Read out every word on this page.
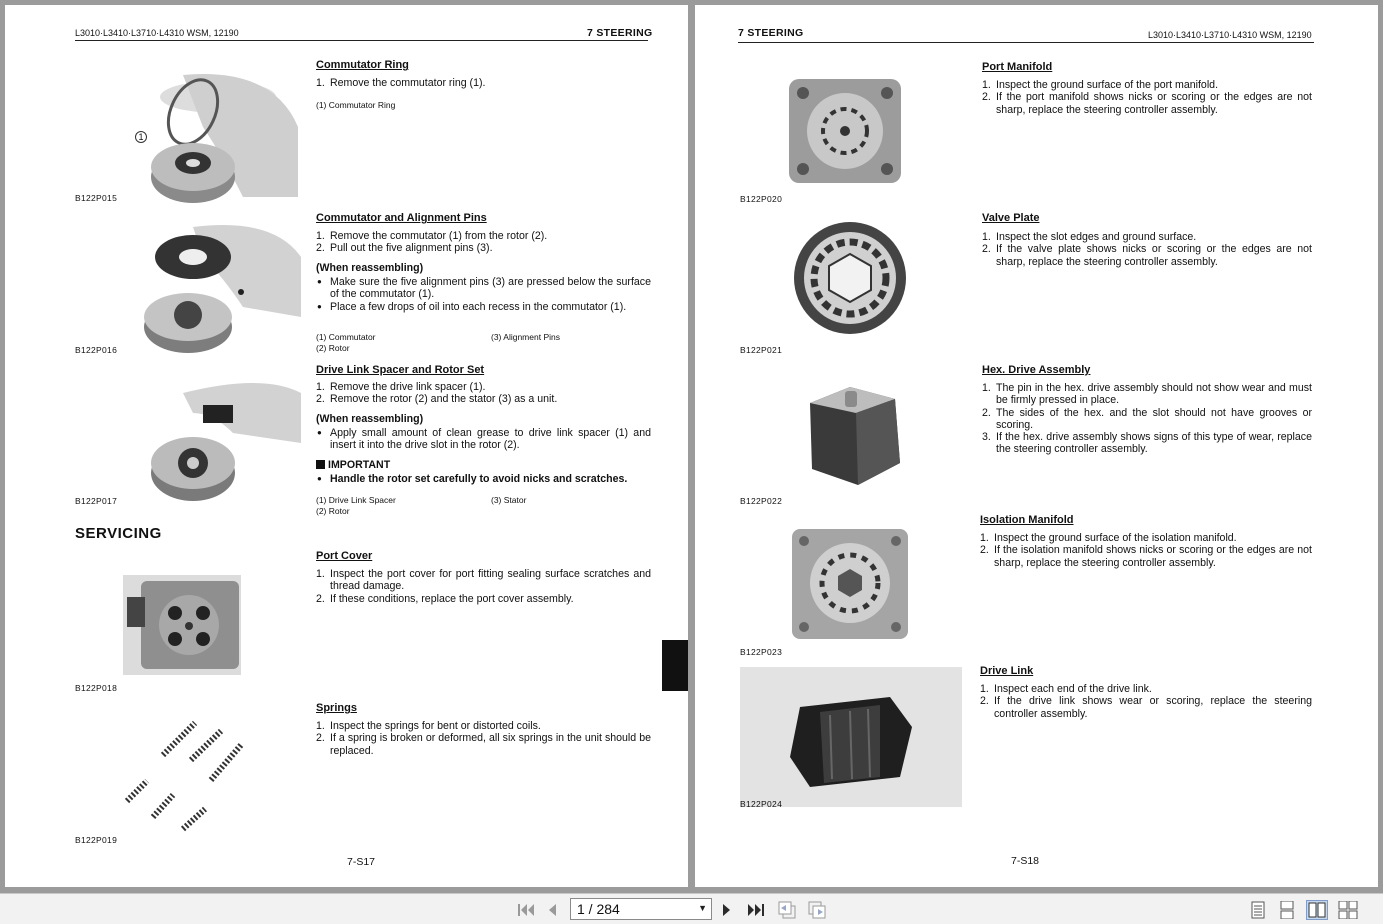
L3010·L3410·L3710·L4310 WSM, 12190	7 STEERING
1
Commutator Ring
1. Remove the commutator ring (1).
(1) Commutator Ring
B122P015
Commutator and Alignment Pins
1. Remove the commutator (1) from the rotor (2).
2. Pull out the five alignment pins (3).
(When reassembling)
● Make sure the five alignment pins (3) are pressed below the surface of the commutator (1).
● Place a few drops of oil into each recess in the commutator (1).
(1) Commutator
(2) Rotor
(3) Alignment Pins
B122P016
Drive Link Spacer and Rotor Set
1. Remove the drive link spacer (1).
2. Remove the rotor (2) and the stator (3) as a unit.
(When reassembling)
● Apply small amount of clean grease to drive link spacer (1) and insert it into the drive slot in the rotor (2).
IMPORTANT
● Handle the rotor set carefully to avoid nicks and scratches.
(1) Drive Link Spacer
(2) Rotor
(3) Stator
B122P017
SERVICING
Port Cover
1. Inspect the port cover for port fitting sealing surface scratches and thread damage.
2. If these conditions, replace the port cover assembly.
B122P018
Springs
1. Inspect the springs for bent or distorted coils.
2. If a spring is broken or deformed, all six springs in the unit should be replaced.
B122P019
7-S17
7 STEERING	L3010·L3410·L3710·L4310 WSM, 12190
Port Manifold
1. Inspect the ground surface of the port manifold.
2. If the port manifold shows nicks or scoring or the edges are not sharp, replace the steering controller assembly.
B122P020
Valve Plate
1. Inspect the slot edges and ground surface.
2. If the valve plate shows nicks or scoring or the edges are not sharp, replace the steering controller assembly.
B122P021
Hex. Drive Assembly
1. The pin in the hex. drive assembly should not show wear and must be firmly pressed in place.
2. The sides of the hex. and the slot should not have grooves or scoring.
3. If the hex. drive assembly shows signs of this type of wear, replace the steering controller assembly.
B122P022
Isolation Manifold
1. Inspect the ground surface of the isolation manifold.
2. If the isolation manifold shows nicks or scoring or the edges are not sharp, replace the steering controller assembly.
B122P023
Drive Link
1. Inspect each end of the drive link.
2. If the drive link shows wear or scoring, replace the steering controller assembly.
B122P024
7-S18
1 / 284	▼
